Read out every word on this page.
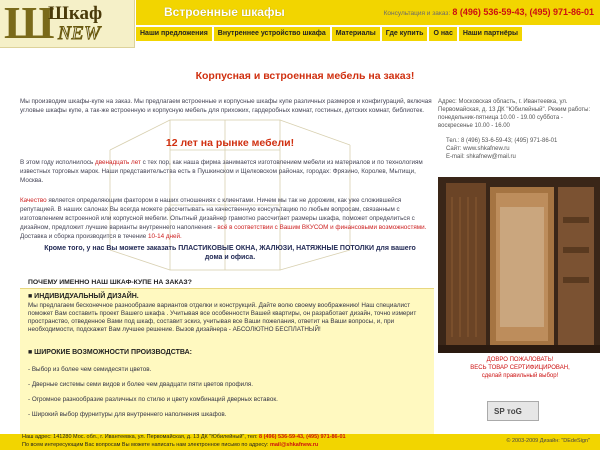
Ш
Шкаф
NEW
Встроенные шкафы	Консультация и заказ: 8 (496) 536-59-43, (495) 971-86-01
Наши предложения	Внутреннее устройство шкафа	Материалы	Где купить	О нас	Наши партнёры
Корпусная и встроенная мебель на заказ!

Мы производим шкафы-купе на заказ. Мы предлагаем встроенные и корпусные шкафы купе различных размеров и конфигураций, включая угловые шкафы купе, а так-же встроенную и корпусную мебель для прихожих, гардеробных комнат, гостиных, детских комнат, библиотек.

12 лет на рынке мебели!

В этом году исполнилось двенадцать лет с тех пор, как наша фирма занимается изготовлением мебели из материалов и по технологиям известных торговых марок. Наши представительства есть в Пушкинском и Щелковском районах, городах: Фрязино, Королев, Мытищи, Москва.

Качество является определяющим фактором в наших отношениях с клиентами. Ничем мы так не дорожим, как уже сложившейся репутацией. В наших салонах Вы всегда можете рассчитывать на качественную консультацию по любым вопросам, связанным с изготовлением встроенной или корпусной мебели. Опытный дизайнер грамотно рассчитает размеры шкафа, поможет определиться с дизайном, предложит лучшие варианты внутреннего наполнения - всё в соответствии с Вашим ВКУСОМ и финансовыми возможностями. Доставка и сборка производится в течение 10-14 дней.

Кроме того, у нас Вы можете заказать ПЛАСТИКОВЫЕ ОКНА, ЖАЛЮЗИ, НАТЯЖНЫЕ ПОТОЛКИ для вашего дома и офиса.
ПОЧЕМУ ИМЕННО НАШ ШКАФ-КУПЕ НА ЗАКАЗ?
■ ИНДИВИДУАЛЬНЫЙ ДИЗАЙН.

Мы предлагаем бесконечное разнообразие вариантов отделки и конструкций. Дайте волю своему воображению! Наш специалист поможет Вам составить проект Вашего шкафа . Учитывая все особенности Вашей квартиры, он разработает дизайн, точно измерит пространство, отведенное Вами под шкаф, составит эскиз, учитывая все Ваши пожелания, ответит на Ваши вопросы, и, при необходимости, подскажет Вам лучшее решение. Вызов дизайнера - АБСОЛЮТНО БЕСПЛАТНЫЙ!

■ ШИРОКИЕ ВОЗМОЖНОСТИ ПРОИЗВОДСТВА:
- Выбор из более чем семидесяти цветов.
- Дверные системы семи видов и более чем двадцати пяти цветов профиля.
- Огромное разнообразие различных по стилю и цвету комбинаций дверных вставок.
- Широкий выбор фурнитуры для внутреннего наполнения шкафов.

Адрес: Московская область, г. Ивантеевка, ул. Первомайская, д. 13 ДК "Юбилейный". Режим работы: понедельник-пятница 10.00 - 19.00 суббота - воскресенье 10.00 - 16.00

Тел.: 8 (496) 53-6-59-43; (495) 971-86-01
Сайт: www.shkafnew.ru
E-mail: shkafnew@mail.ru
ДОВРО ПОЖАЛОВАТЬ!
ВЕСЬ ТОВАР СЕРТИФИЦИРОВАН,
сделай правильный выбор!
SР тоG
Наш адрес: 141280 Мос. обл., г. Ивантеевка, ул. Первомайская, д. 13 ДК "Юбилейный", тел: 8 (496) 536-59-43, (495) 971-86-01
По всем интересующим Вас вопросам Вы можете написать нам электронное письмо по адресу: mail@shkafnew.ru
© 2003-2009 Дизайн: "DEdeSign"
